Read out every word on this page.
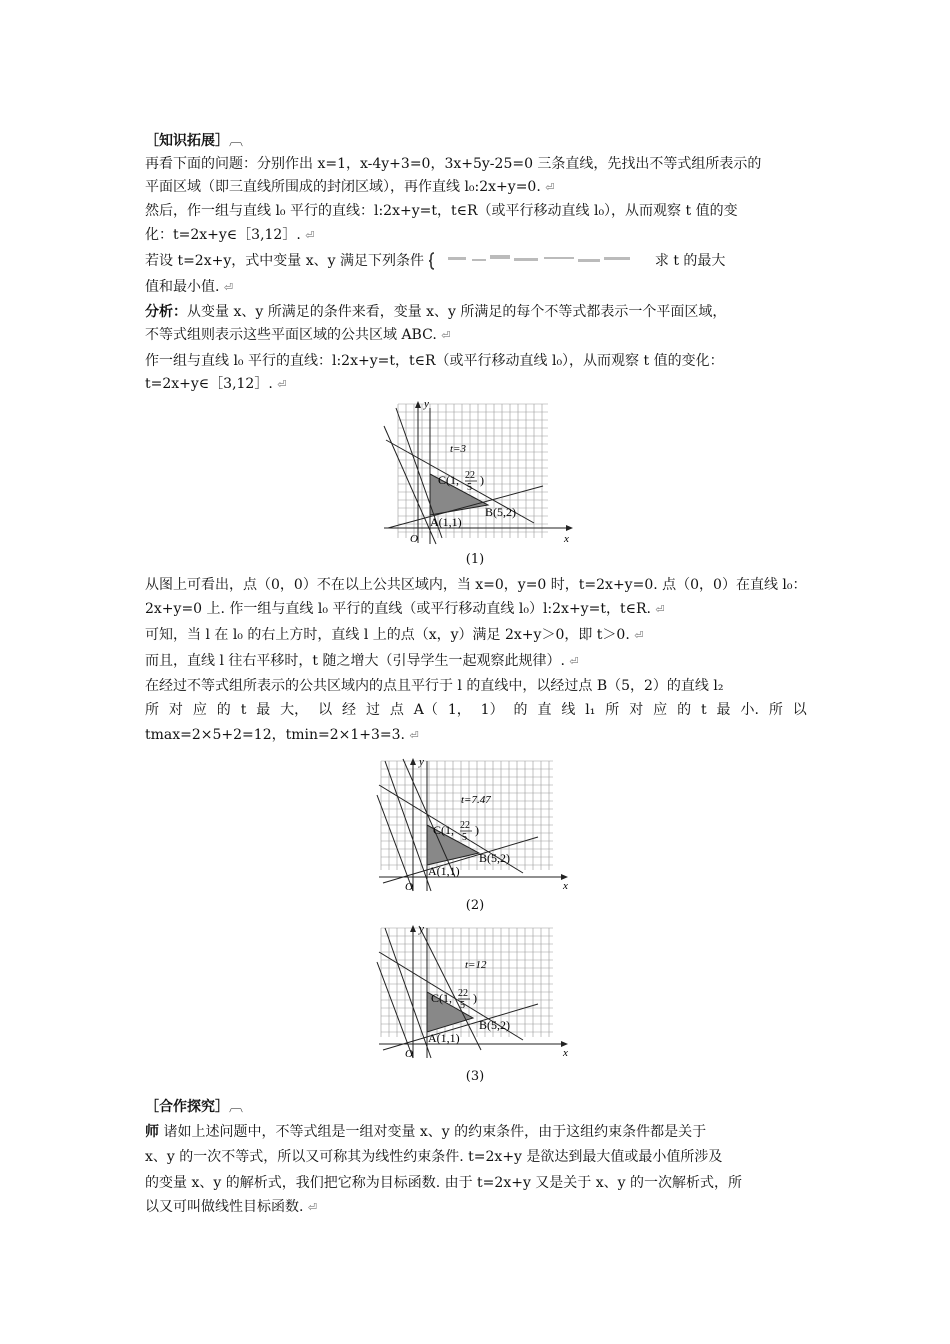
［知识拓展］︹
再看下面的问题：分别作出 x=1，x-4y+3=0，3x+5y-25=0 三条直线，先找出不等式组所表示的
平面区域（即三直线所围成的封闭区域），再作直线 l₀:2x+y=0. ⏎
然后，作一组与直线 l₀ 平行的直线：l:2x+y=t，t∈R（或平行移动直线 l₀），从而观察 t 值的变
化：t=2x+y∈［3,12］. ⏎
若设 t=2x+y，式中变量 x、y 满足下列条件	求 t 的最大
值和最小值. ⏎
分析：从变量 x、y 所满足的条件来看，变量 x、y 所满足的每个不等式都表示一个平面区域，
不等式组则表示这些平面区域的公共区域 ABC. ⏎
作一组与直线 l₀ 平行的直线：l:2x+y=t，t∈R（或平行移动直线 l₀），从而观察 t 值的变化：
t=2x+y∈［3,12］. ⏎
y
x
O
t=3
C(1, 22
5
)
B(5,2)
A(1,1)
(1)
从图上可看出，点（0，0）不在以上公共区域内，当 x=0，y=0 时，t=2x+y=0. 点（0，0）在直线 l₀：
2x+y=0 上. 作一组与直线 l₀ 平行的直线（或平行移动直线 l₀）l:2x+y=t，t∈R. ⏎
可知，当 l 在 l₀ 的右上方时，直线 l 上的点（x，y）满足 2x+y＞0，即 t＞0. ⏎
而且，直线 l 往右平移时，t 随之增大（引导学生一起观察此规律）. ⏎
在经过不等式组所表示的公共区域内的点且平行于 l 的直线中，以经过点 B（5，2）的直线 l₂
所 对 应 的 t 最 大， 以 经 过 点 A（ 1， 1） 的 直 线 l₁ 所 对 应 的 t 最 小. 所 以
tmax=2×5+2=12，tmin=2×1+3=3. ⏎
y
x
O
t=7.47
C(1, 22
5
)
B(5,2)
A(1,1)
(2)
y
x
O
t=12
C(1, 22
5
)
B(5,2)
A(1,1)
(3)
［合作探究］︹
师 诸如上述问题中，不等式组是一组对变量 x、y 的约束条件，由于这组约束条件都是关于
x、y 的一次不等式，所以又可称其为线性约束条件. t=2x+y 是欲达到最大值或最小值所涉及
的变量 x、y 的解析式，我们把它称为目标函数. 由于 t=2x+y 又是关于 x、y 的一次解析式，所
以又可叫做线性目标函数. ⏎
